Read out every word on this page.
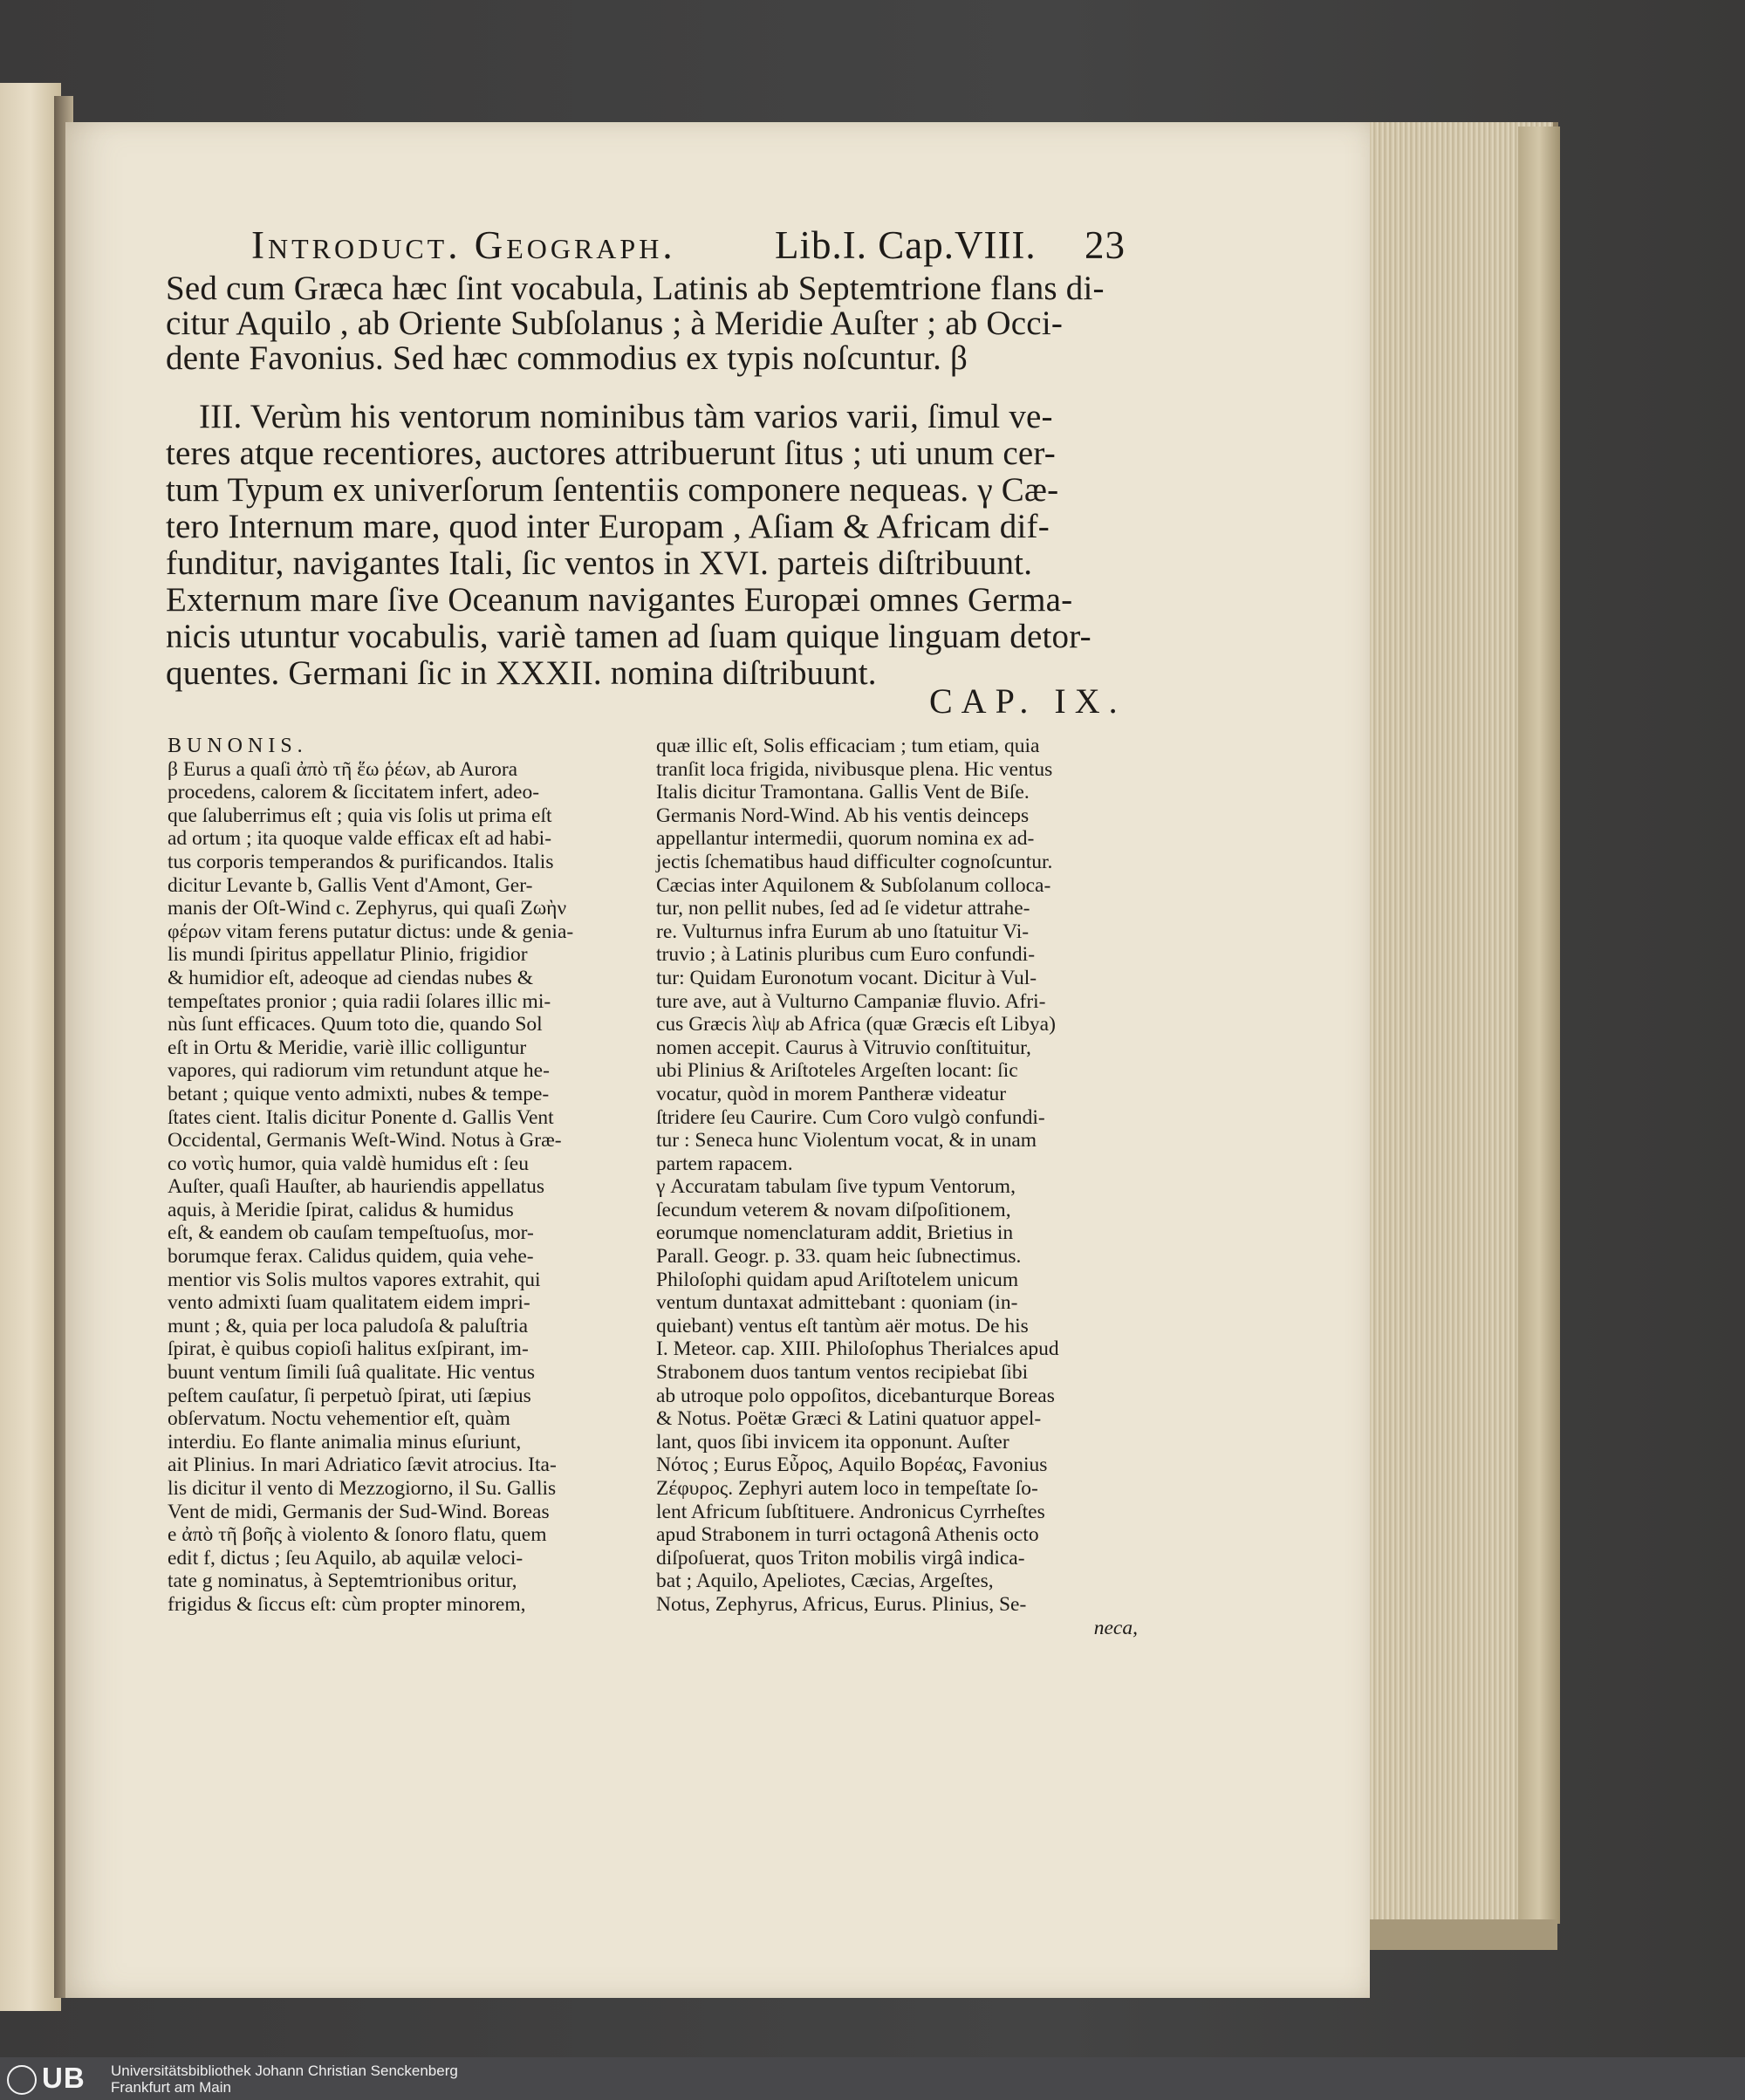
Introduct. Geograph.	Lib.I. Cap.VIII. 23
Sed cum Græca hæc ſint vocabula, Latinis ab Septemtrione flans di-
citur Aquilo , ab Oriente Subſolanus ; à Meridie Auſter ; ab Occi-
dente Favonius. Sed hæc commodius ex typis noſcuntur. β
III. Verùm his ventorum nominibus tàm varios varii, ſimul ve-
teres atque recentiores, auctores attribuerunt ſitus ; uti unum cer-
tum Typum ex univerſorum ſententiis componere nequeas. γ Cæ-
tero Internum mare, quod inter Europam , Aſiam & Africam dif-
funditur, navigantes Itali, ſic ventos in XVI. parteis diſtribuunt.
Externum mare ſive Oceanum navigantes Europæi omnes Germa-
nicis utuntur vocabulis, variè tamen ad ſuam quique linguam detor-
quentes. Germani ſic in XXXII. nomina diſtribuunt.
CAP. IX.
BUNONIS.
β Eurus a quaſi ἀπὸ τῆ ἕω ῥέων, ab Aurora
procedens, calorem & ſiccitatem infert, adeo-
que ſaluberrimus eſt ; quia vis ſolis ut prima eſt
ad ortum ; ita quoque valde efficax eſt ad habi-
tus corporis temperandos & purificandos. Italis
dicitur Levante b, Gallis Vent d'Amont, Ger-
manis der Oſt-Wind c. Zephyrus, qui quaſi Ζωὴν
φέρων vitam ferens putatur dictus: unde & genia-
lis mundi ſpiritus appellatur Plinio, frigidior
& humidior eſt, adeoque ad ciendas nubes &
tempeſtates pronior ; quia radii ſolares illic mi-
nùs ſunt efficaces. Quum toto die, quando Sol
eſt in Ortu & Meridie, variè illic colliguntur
vapores, qui radiorum vim retundunt atque he-
betant ; quique vento admixti, nubes & tempe-
ſtates cient. Italis dicitur Ponente d. Gallis Vent
Occidental, Germanis Weſt-Wind. Notus à Græ-
co νοτὶς humor, quia valdè humidus eſt : ſeu
Auſter, quaſi Hauſter, ab hauriendis appellatus
aquis, à Meridie ſpirat, calidus & humidus
eſt, & eandem ob cauſam tempeſtuoſus, mor-
borumque ferax. Calidus quidem, quia vehe-
mentior vis Solis multos vapores extrahit, qui
vento admixti ſuam qualitatem eidem impri-
munt ; &, quia per loca paludoſa & paluſtria
ſpirat, è quibus copioſi halitus exſpirant, im-
buunt ventum ſimili ſuâ qualitate. Hic ventus
peſtem cauſatur, ſi perpetuò ſpirat, uti ſæpius
obſervatum. Noctu vehementior eſt, quàm
interdiu. Eo flante animalia minus eſuriunt,
ait Plinius. In mari Adriatico ſævit atrocius. Ita-
lis dicitur il vento di Mezzogiorno, il Su. Gallis
Vent de midi, Germanis der Sud-Wind. Boreas
e ἀπὸ τῆ βοῆς à violento & ſonoro flatu, quem
edit f, dictus ; ſeu Aquilo, ab aquilæ veloci-
tate g nominatus, à Septemtrionibus oritur,
frigidus & ſiccus eſt: cùm propter minorem,
quæ illic eſt, Solis efficaciam ; tum etiam, quia
tranſit loca frigida, nivibusque plena. Hic ventus
Italis dicitur Tramontana. Gallis Vent de Biſe.
Germanis Nord-Wind. Ab his ventis deinceps
appellantur intermedii, quorum nomina ex ad-
jectis ſchematibus haud difficulter cognoſcuntur.
Cæcias inter Aquilonem & Subſolanum colloca-
tur, non pellit nubes, ſed ad ſe videtur attrahe-
re. Vulturnus infra Eurum ab uno ſtatuitur Vi-
truvio ; à Latinis pluribus cum Euro confundi-
tur: Quidam Euronotum vocant. Dicitur à Vul-
ture ave, aut à Vulturno Campaniæ fluvio. Afri-
cus Græcis λὶψ ab Africa (quæ Græcis eſt Libya)
nomen accepit. Caurus à Vitruvio conſtituitur,
ubi Plinius & Ariſtoteles Argeſten locant: ſic
vocatur, quòd in morem Pantheræ videatur
ſtridere ſeu Caurire. Cum Coro vulgò confundi-
tur : Seneca hunc Violentum vocat, & in unam
partem rapacem.
γ Accuratam tabulam ſive typum Ventorum,
ſecundum veterem & novam diſpoſitionem,
eorumque nomenclaturam addit, Brietius in
Parall. Geogr. p. 33. quam heic ſubnectimus.
Philoſophi quidam apud Ariſtotelem unicum
ventum duntaxat admittebant : quoniam (in-
quiebant) ventus eſt tantùm aër motus. De his
I. Meteor. cap. XIII. Philoſophus Therialces apud
Strabonem duos tantum ventos recipiebat ſibi
ab utroque polo oppoſitos, dicebanturque Boreas
& Notus. Poëtæ Græci & Latini quatuor appel-
lant, quos ſibi invicem ita opponunt. Auſter
Νότος ; Eurus Εὖρος, Aquilo Βορέας, Favonius
Ζέφυρος. Zephyri autem loco in tempeſtate ſo-
lent Africum ſubſtituere. Andronicus Cyrrheſtes
apud Strabonem in turri octagonâ Athenis octo
diſpoſuerat, quos Triton mobilis virgâ indica-
bat ; Aquilo, Apeliotes, Cæcias, Argeſtes,
Notus, Zephyrus, Africus, Eurus. Plinius, Se-
neca,
UB	Universitätsbibliothek Johann Christian Senckenberg
Frankfurt am Main
